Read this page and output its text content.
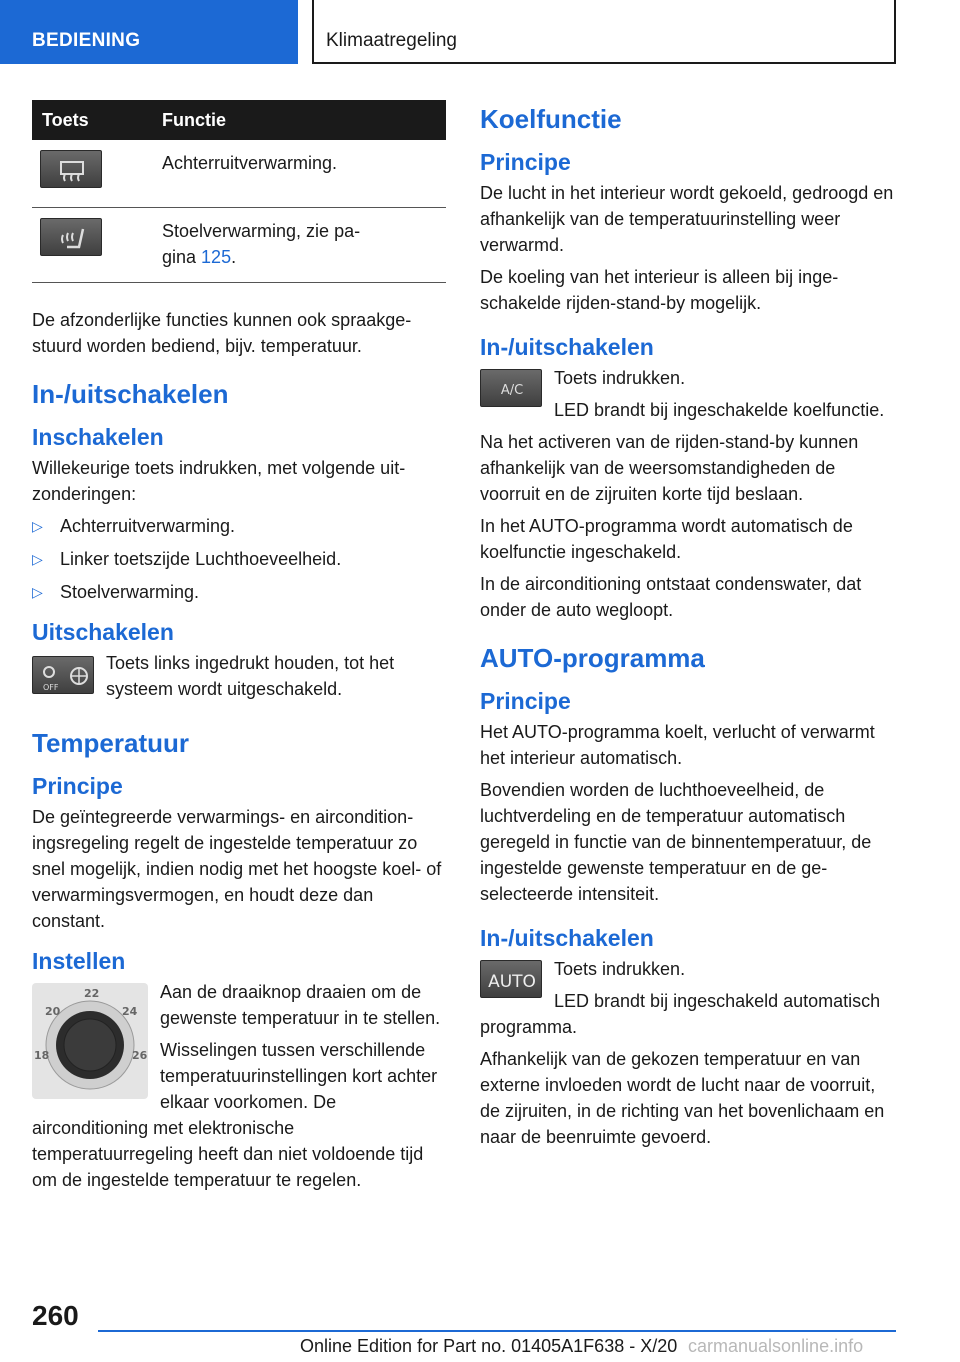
BEDIENING	Klimaatregeling
Toets	Functie

	Achterruitverwarming.

	Stoelverwarming, zie pa-
gina 125.

De afzonderlijke functies kunnen ook spraakgestuurd worden bediend, bijv. temperatuur.

In-/uitschakelen
Inschakelen

Willekeurige toets indrukken, met volgende uitzonderingen:

▷ Achterruitverwarming.
▷ Linker toetszijde Luchthoeveelheid.
▷ Stoelverwarming.
Uitschakelen
OFF

Toets links ingedrukt houden, tot het systeem wordt uitgeschakeld.

Temperatuur
Principe

De geïntegreerde verwarmings- en airconditioningsregeling regelt de ingestelde temperatuur zo snel mogelijk, indien nodig met het hoogste koel- of verwarmingsvermogen, en houdt deze dan constant.

Instellen
22
20	24
18	26

Aan de draaiknop draaien om de gewenste temperatuur in te stellen.

Wisselingen tussen verschillende temperatuurinstellingen kort achter elkaar voorkomen. De airconditioning met elektronische temperatuurregeling heeft dan niet voldoende tijd om de ingestelde temperatuur te regelen.

Koelfunctie
Principe

De lucht in het interieur wordt gekoeld, gedroogd en afhankelijk van de temperatuurinstelling weer verwarmd.

De koeling van het interieur is alleen bij ingeschakelde rijden-stand-by mogelijk.

In-/uitschakelen
A/C

Toets indrukken.

LED brandt bij ingeschakelde koelfunctie.

Na het activeren van de rijden-stand-by kunnen afhankelijk van de weersomstandigheden de voorruit en de zijruiten korte tijd beslaan.

In het AUTO-programma wordt automatisch de koelfunctie ingeschakeld.

In de airconditioning ontstaat condenswater, dat onder de auto wegloopt.

AUTO-programma
Principe

Het AUTO-programma koelt, verlucht of verwarmt het interieur automatisch.

Bovendien worden de luchthoeveelheid, de luchtverdeling en de temperatuur automatisch geregeld in functie van de binnentemperatuur, de ingestelde gewenste temperatuur en de geselecteerde intensiteit.

In-/uitschakelen
AUTO

Toets indrukken.

LED brandt bij ingeschakeld automatisch programma.

Afhankelijk van de gekozen temperatuur en van externe invloeden wordt de lucht naar de voorruit, de zijruiten, in de richting van het bovenlichaam en naar de beenruimte gevoerd.

260
Online Edition for Part no. 01405A1F638 - X/20 carmanualsonline.info
